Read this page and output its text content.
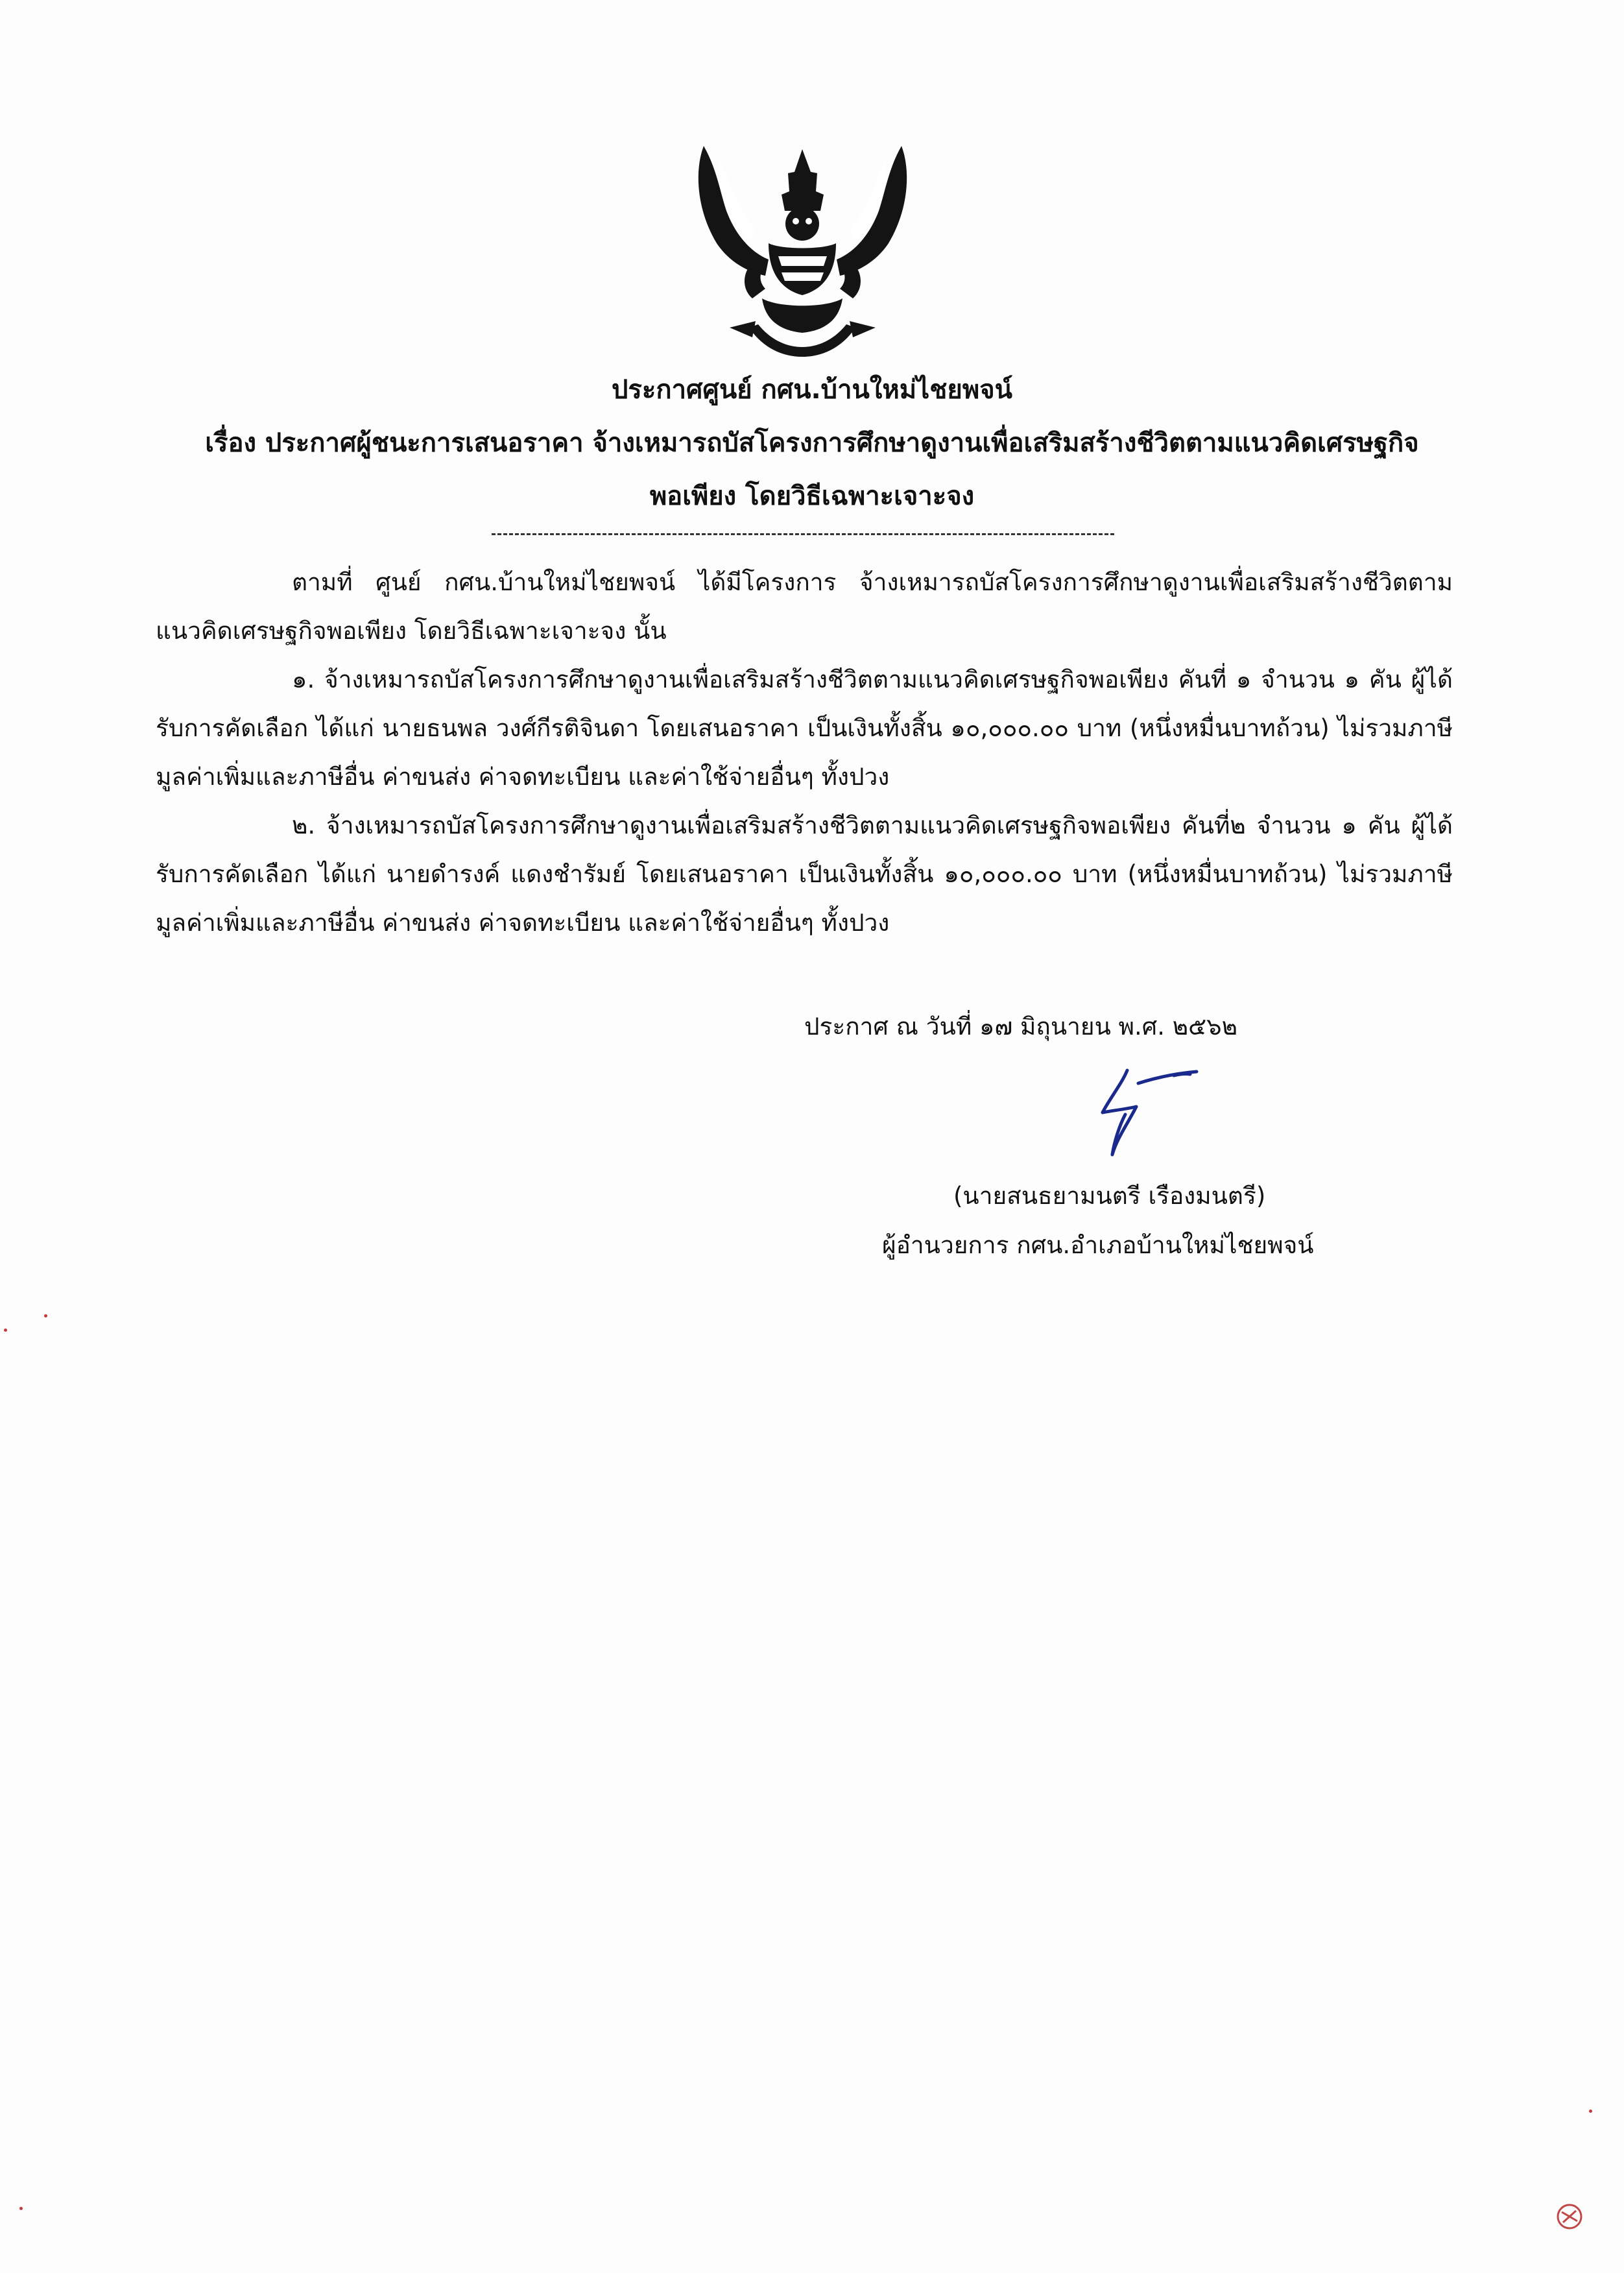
ประกาศศูนย์ กศน.บ้านใหม่ไชยพจน์
เรื่อง ประกาศผู้ชนะการเสนอราคา จ้างเหมารถบัสโครงการศึกษาดูงานเพื่อเสริมสร้างชีวิตตามแนวคิดเศรษฐกิจ
พอเพียง โดยวิธีเฉพาะเจาะจง

ตามที่ ศูนย์ กศน.บ้านใหม่ไชยพจน์ ได้มีโครงการ จ้างเหมารถบัสโครงการศึกษาดูงานเพื่อเสริมสร้างชีวิตตามแนวคิดเศรษฐกิจพอเพียง โดยวิธีเฉพาะเจาะจง นั้น

๑. จ้างเหมารถบัสโครงการศึกษาดูงานเพื่อเสริมสร้างชีวิตตามแนวคิดเศรษฐกิจพอเพียง คันที่ ๑ จำนวน ๑ คัน ผู้ได้รับการคัดเลือก ได้แก่ นายธนพล วงศ์กีรติจินดา โดยเสนอราคา เป็นเงินทั้งสิ้น ๑๐,๐๐๐.๐๐ บาท (หนึ่งหมื่นบาทถ้วน) ไม่รวมภาษีมูลค่าเพิ่มและภาษีอื่น ค่าขนส่ง ค่าจดทะเบียน และค่าใช้จ่ายอื่นๆ ทั้งปวง

๒. จ้างเหมารถบัสโครงการศึกษาดูงานเพื่อเสริมสร้างชีวิตตามแนวคิดเศรษฐกิจพอเพียง คันที่๒ จำนวน ๑ คัน ผู้ได้รับการคัดเลือก ได้แก่ นายดำรงค์ แดงชำรัมย์ โดยเสนอราคา เป็นเงินทั้งสิ้น ๑๐,๐๐๐.๐๐ บาท (หนึ่งหมื่นบาทถ้วน) ไม่รวมภาษีมูลค่าเพิ่มและภาษีอื่น ค่าขนส่ง ค่าจดทะเบียน และค่าใช้จ่ายอื่นๆ ทั้งปวง

ประกาศ ณ วันที่ ๑๗ มิถุนายน พ.ศ. ๒๕๖๒
(นายสนธยามนตรี เรืองมนตรี)
ผู้อำนวยการ กศน.อำเภอบ้านใหม่ไชยพจน์
